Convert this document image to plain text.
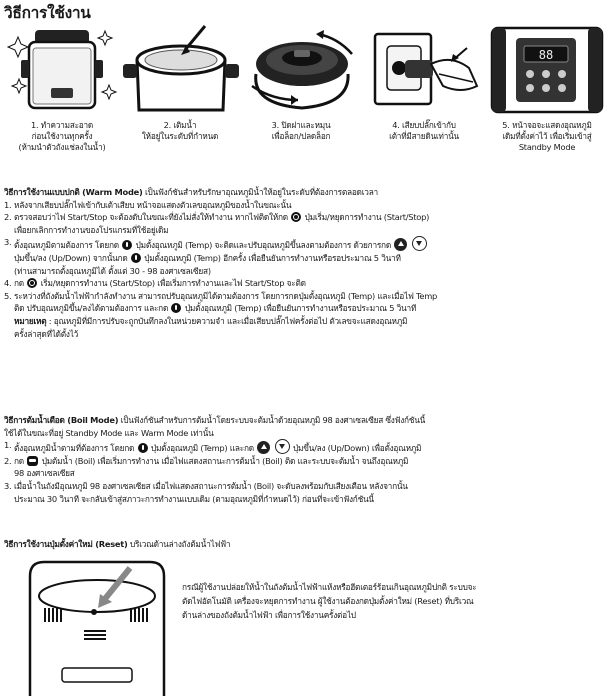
วิธีการใช้งาน
1. ทำความสะอาด
ก่อนใช้งานทุกครั้ง
(ห้ามนำตัวถังแช่ลงในน้ำ)
2. เติมน้ำ
ให้อยู่ในระดับที่กำหนด
3. ปิดฝาและหมุน
เพื่อล็อก/ปลดล็อก
4. เสียบปลั๊กเข้ากับ
เต้าที่มีสายดินเท่านั้น
88
5. หน้าจอจะแสดงอุณหภูมิ
เดิมที่ตั้งค่าไว้ เพื่อเริ่มเข้าสู่
Standby Mode

วิธีการใช้งานแบบปกติ (Warm Mode) เป็นฟังก์ชันสำหรับรักษาอุณหภูมิน้ำให้อยู่ในระดับที่ต้องการตลอดเวลา

1. หลังจากเสียบปลั๊กไฟเข้ากับเต้าเสียบ หน้าจอแสดงตัวเลขอุณหภูมิของน้ำในขณะนั้น
2. ตรวจสอบว่าไฟ Start/Stop จะต้องดับในขณะที่ยังไม่สั่งให้ทำงาน หากไฟติดให้กด  ปุ่มเริ่ม/หยุดการทำงาน (Start/Stop)
เพื่อยกเลิกการทำงานของโปรแกรมที่ใช้อยู่เดิม
3. ตั้งอุณหภูมิตามต้องการ โดยกด  ปุ่มตั้งอุณหภูมิ (Temp) จะติดและปรับอุณหภูมิขึ้นลงตามต้องการ ด้วยการกด
ปุ่มขึ้น/ลง (Up/Down) จากนั้นกด  ปุ่มตั้งอุณหภูมิ (Temp) อีกครั้ง เพื่อยืนยันการทำงานหรือรอประมาณ 5 วินาที
(ท่านสามารถตั้งอุณหภูมิได้ ตั้งแต่ 30 - 98 องศาเซลเซียส)
4. กด  เริ่ม/หยุดการทำงาน (Start/Stop) เพื่อเริ่มการทำงานและไฟ Start/Stop จะติด
5. ระหว่างที่ถังต้มน้ำไฟฟ้ากำลังทำงาน สามารถปรับอุณหภูมิได้ตามต้องการ โดยการกดปุ่มตั้งอุณหภูมิ (Temp) และเมื่อไฟ Temp
ติด ปรับอุณหภูมิขึ้น/ลงได้ตามต้องการ และกด  ปุ่มตั้งอุณหภูมิ (Temp) เพื่อยืนยันการทำงานหรือรอประมาณ 5 วินาที
หมายเหตุ : อุณหภูมิที่มีการปรับจะถูกบันทึกลงในหน่วยความจำ และเมื่อเสียบปลั๊กไฟครั้งต่อไป ตัวเลขจะแสดงอุณหภูมิ
ครั้งล่าสุดที่ได้ตั้งไว้

วิธีการต้มน้ำเดือด (Boil Mode) เป็นฟังก์ชันสำหรับการต้มน้ำโดยระบบจะต้มน้ำด้วยอุณหภูมิ 98 องศาเซลเซียส ซึ่งฟังก์ชันนี้

ใช้ได้ในขณะที่อยู่ Standby Mode และ Warm Mode เท่านั้น

1. ตั้งอุณหภูมิน้ำตามที่ต้องการ โดยกด  ปุ่มตั้งอุณหภูมิ (Temp) และกด	ปุ่มขึ้น/ลง (Up/Down) เพื่อตั้งอุณหภูมิ
2. กด  ปุ่มต้มน้ำ (Boil) เพื่อเริ่มการทำงาน เมื่อไฟแสดงสถานะการต้มน้ำ (Boil) ติด และระบบจะต้มน้ำ จนถึงอุณหภูมิ
98 องศาเซลเซียส
3. เมื่อน้ำในถังมีอุณหภูมิ 98 องศาเซลเซียส เมื่อไฟแสดงสถานะการต้มน้ำ (Boil) จะดับลงพร้อมกับเสียงเตือน หลังจากนั้น
ประมาณ 30 วินาที จะกลับเข้าสู่สภาวะการทำงานแบบเดิม (ตามอุณหภูมิที่กำหนดไว้) ก่อนที่จะเข้าฟังก์ชันนี้

วิธีการใช้งานปุ่มตั้งค่าใหม่ (Reset) บริเวณด้านล่างถังต้มน้ำไฟฟ้า

กรณีผู้ใช้งานปล่อยให้น้ำในถังต้มน้ำไฟฟ้าแห้งหรือฮีตเตอร์ร้อนเกินอุณหภูมิปกติ ระบบจะ
ตัดไฟอัตโนมัติ เครื่องจะหยุดการทำงาน ผู้ใช้งานต้องกดปุ่มตั้งค่าใหม่ (Reset) ที่บริเวณ
ด้านล่างของถังต้มน้ำไฟฟ้า เพื่อการใช้งานครั้งต่อไป
